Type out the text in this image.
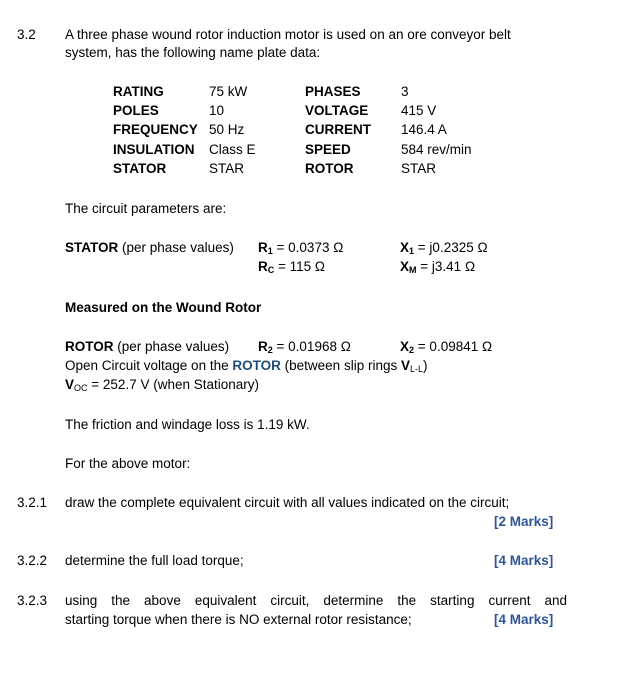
3.2 A three phase wound rotor induction motor is used on an ore conveyor belt
system, has the following name plate data:
RATING	75 kW	PHASES	3
POLES	10	VOLTAGE 415 V
FREQUENCY 50 Hz	CURRENT 146.4 A
INSULATION Class E	SPEED	584 rev/min
STATOR	STAR	ROTOR	STAR
The circuit parameters are:
STATOR (per phase values) $R_1 = 0.0373$ Ω	$X_1 = j0.2325$ Ω
$R_C = 115$ Ω	$X_M = j3.41$ Ω
Measured on the Wound Rotor
ROTOR (per phase values) $R_2 = 0.01968$ Ω	$X_2 = 0.09841$ Ω
Open Circuit voltage on the ROTOR (between slip rings $V_{L-L}$)
$V_{OC} = 252.7$ V (when Stationary)
The friction and windage loss is 1.19 kW.
For the above motor:
3.2.1 draw the complete equivalent circuit with all values indicated on the circuit;
[2 Marks]
3.2.2 determine the full load torque;	[4 Marks]
3.2.3 using the above equivalent circuit, determine the starting current and
starting torque when there is NO external rotor resistance;	[4 Marks]
